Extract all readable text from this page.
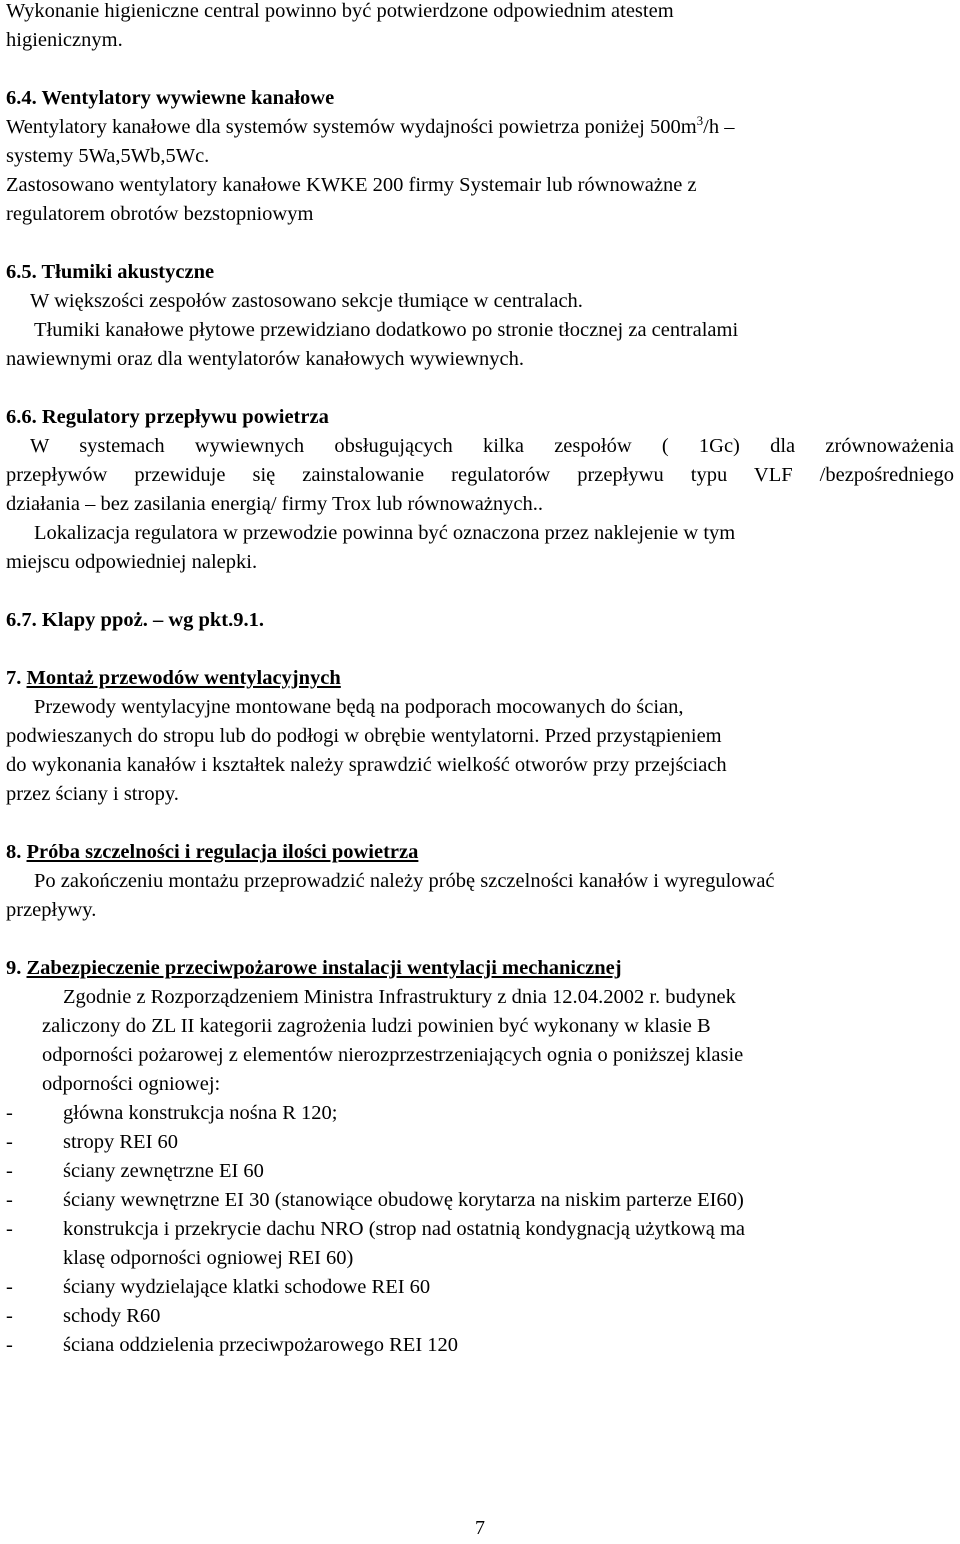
Wykonanie higieniczne central powinno być potwierdzone odpowiednim atestem
higienicznym.
6.4. Wentylatory wywiewne kanałowe
Wentylatory kanałowe dla systemów systemów wydajności powietrza poniżej $500m^3/h$ –
systemy 5Wa,5Wb,5Wc.
Zastosowano wentylatory kanałowe KWKE 200 firmy Systemair lub równoważne z
regulatorem obrotów bezstopniowym
6.5. Tłumiki akustyczne
W większości zespołów zastosowano sekcje tłumiące w centralach.
Tłumiki kanałowe płytowe przewidziano dodatkowo po stronie tłocznej za centralami
nawiewnymi oraz dla wentylatorów kanałowych wywiewnych.
6.6. Regulatory przepływu powietrza
W systemach wywiewnych obsługujących kilka zespołów ( 1Gc) dla zrównoważenia
przepływów przewiduje się zainstalowanie regulatorów przepływu typu VLF /bezpośredniego
działania – bez zasilania energią/ firmy Trox lub równoważnych..
Lokalizacja regulatora w przewodzie powinna być oznaczona przez naklejenie w tym
miejscu odpowiedniej nalepki.
6.7. Klapy ppoż. – wg pkt.9.1.
7. Montaż przewodów wentylacyjnych
Przewody wentylacyjne montowane będą na podporach mocowanych do ścian,
podwieszanych do stropu lub do podłogi w obrębie wentylatorni. Przed przystąpieniem
do wykonania kanałów i kształtek należy sprawdzić wielkość otworów przy przejściach
przez ściany i stropy.
8. Próba szczelności i regulacja ilości powietrza
Po zakończeniu montażu przeprowadzić należy próbę szczelności kanałów i wyregulować
przepływy.
9. Zabezpieczenie przeciwpożarowe instalacji wentylacji mechanicznej
Zgodnie z Rozporządzeniem Ministra Infrastruktury z dnia 12.04.2002 r. budynek
zaliczony do ZL II kategorii zagrożenia ludzi powinien być wykonany w klasie B
odporności pożarowej z elementów nierozprzestrzeniających ognia o poniższej klasie
odporności ogniowej:
- główna konstrukcja nośna R 120;
- stropy REI 60
- ściany zewnętrzne EI 60
- ściany wewnętrzne EI 30 (stanowiące obudowę korytarza na niskim parterze EI60)
- konstrukcja i przekrycie dachu NRO (strop nad ostatnią kondygnacją użytkową ma
klasę odporności ogniowej REI 60)
- ściany wydzielające klatki schodowe REI 60
- schody R60
- ściana oddzielenia przeciwpożarowego REI 120
7
